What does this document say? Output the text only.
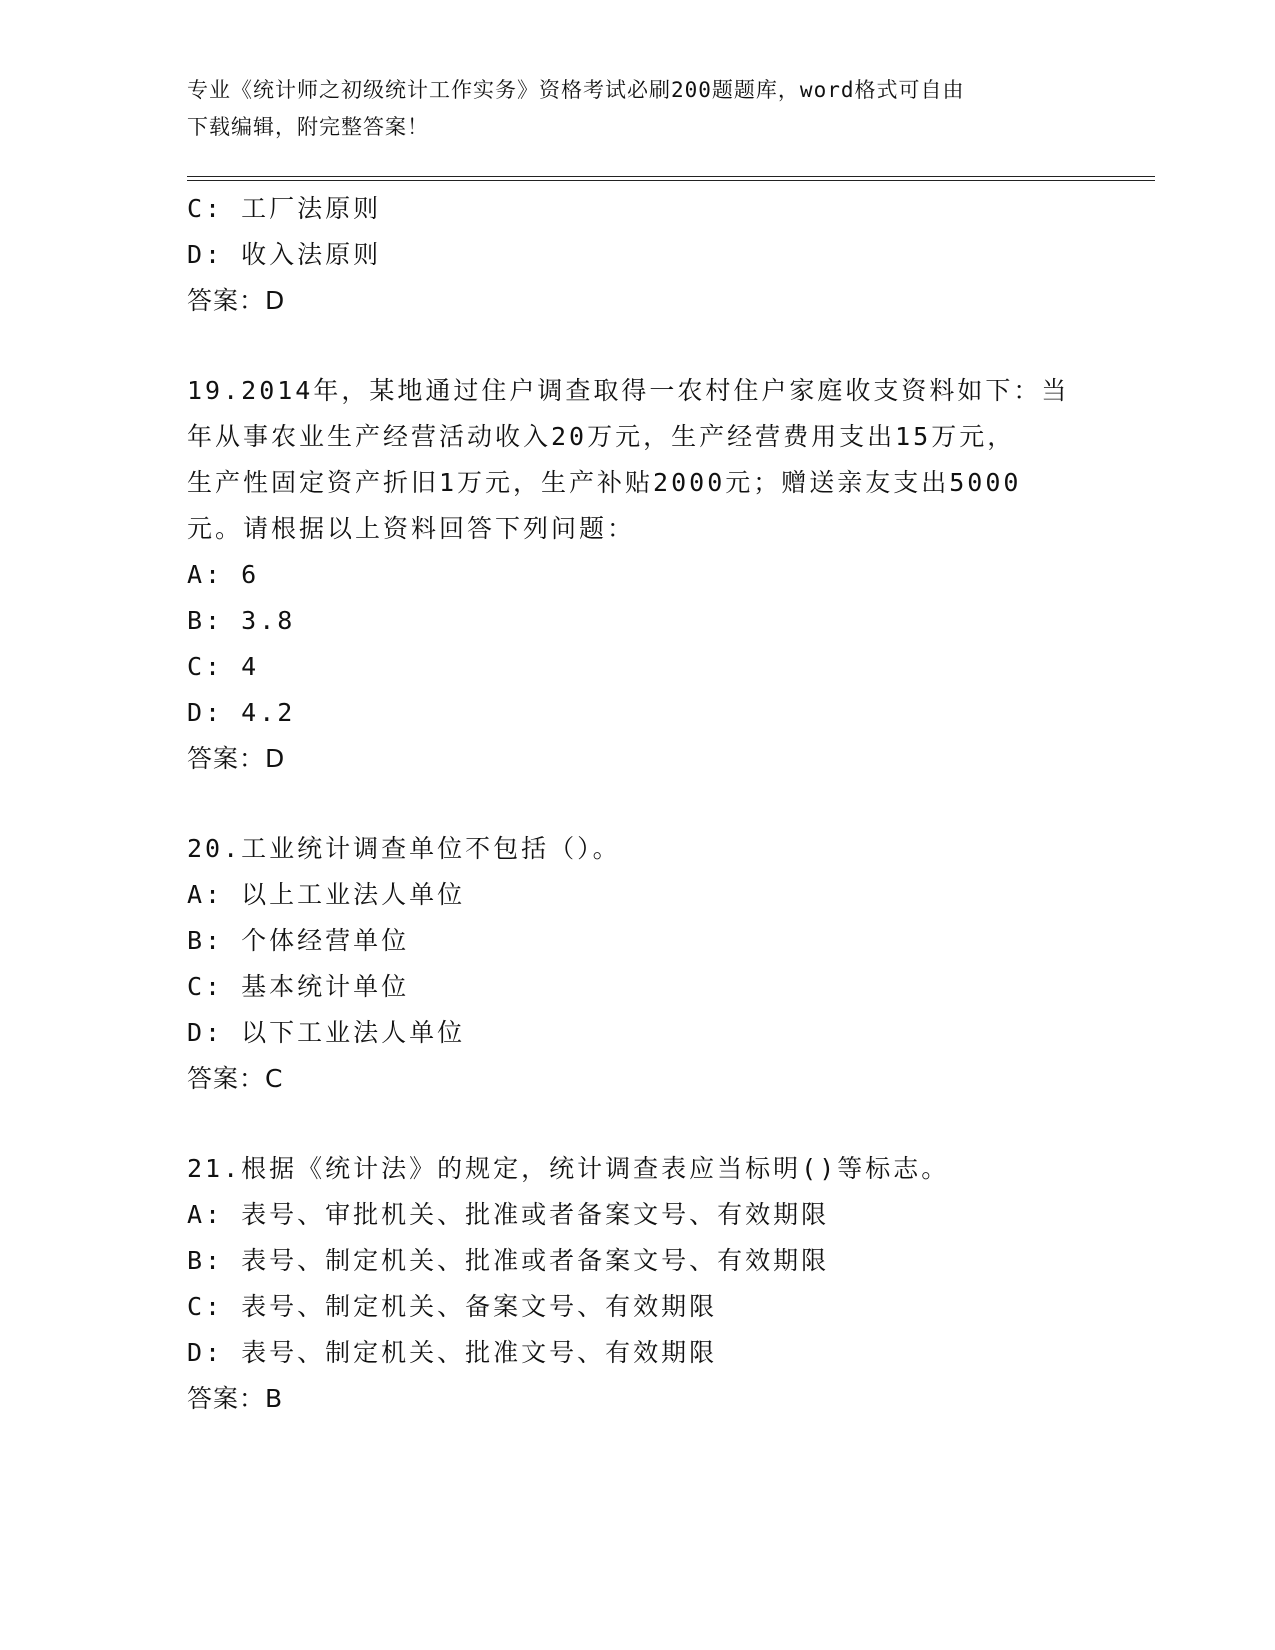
专业《统计师之初级统计工作实务》资格考试必刷200题题库，word格式可自由
下载编辑，附完整答案！
C: 工厂法原则
D: 收入法原则
答案：D
19.2014年，某地通过住户调查取得一农村住户家庭收支资料如下：当
年从事农业生产经营活动收入20万元，生产经营费用支出15万元，
生产性固定资产折旧1万元，生产补贴2000元；赠送亲友支出5000
元。请根据以上资料回答下列问题：
A: 6
B: 3.8
C: 4
D: 4.2
答案：D
20.工业统计调查单位不包括（）。
A: 以上工业法人单位
B: 个体经营单位
C: 基本统计单位
D: 以下工业法人单位
答案：C
21.根据《统计法》的规定，统计调查表应当标明()等标志。
A: 表号、审批机关、批准或者备案文号、有效期限
B: 表号、制定机关、批准或者备案文号、有效期限
C: 表号、制定机关、备案文号、有效期限
D: 表号、制定机关、批准文号、有效期限
答案：B
